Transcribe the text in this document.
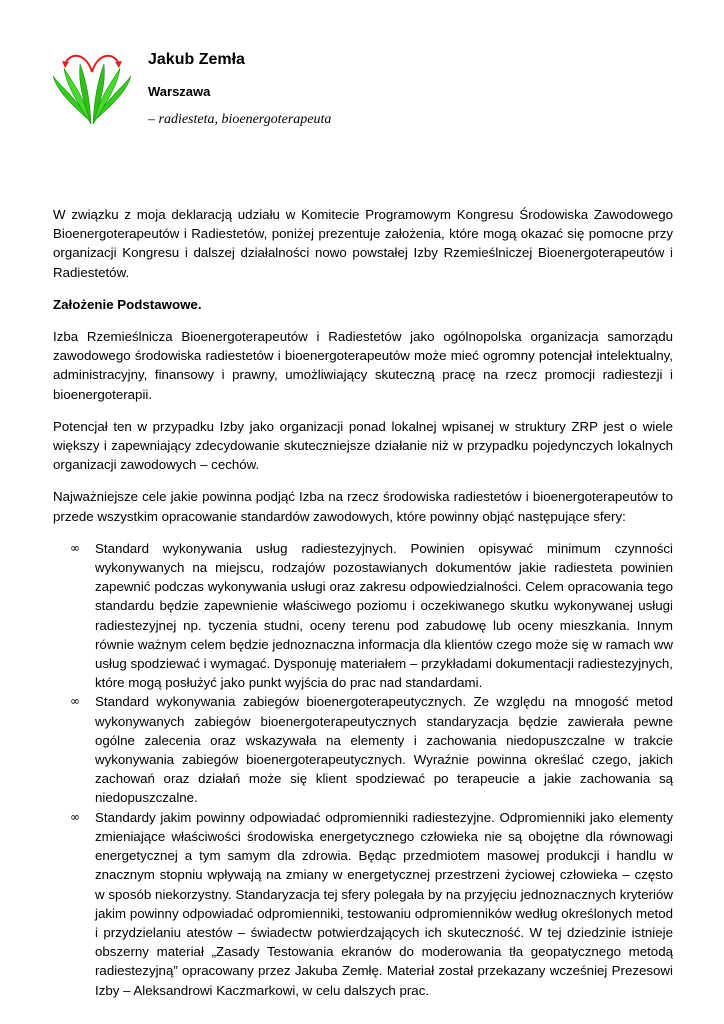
Jakub Zemła
Warszawa
– radiesteta, bioenergoterapeuta

W związku z moja deklaracją udziału w Komitecie Programowym Kongresu Środowiska Zawodowego Bioenergoterapeutów i Radiestetów, poniżej prezentuje założenia, które mogą okazać się pomocne przy organizacji Kongresu i dalszej działalności nowo powstałej Izby Rzemieślniczej Bioenergoterapeutów i Radiestetów.

Założenie Podstawowe.

Izba Rzemieślnicza Bioenergoterapeutów i Radiestetów jako ogólnopolska organizacja samorządu zawodowego środowiska radiestetów i bioenergoterapeutów może mieć ogromny potencjał intelektualny, administracyjny, finansowy i prawny, umożliwiający skuteczną pracę na rzecz promocji radiestezji i bioenergoterapii.

Potencjał ten w przypadku Izby jako organizacji ponad lokalnej wpisanej w struktury ZRP jest o wiele większy i zapewniający zdecydowanie skuteczniejsze działanie niż w przypadku pojedynczych lokalnych organizacji zawodowych – cechów.

Najważniejsze cele jakie powinna podjąć Izba na rzecz środowiska radiestetów i bioenergoterapeutów to przede wszystkim opracowanie standardów zawodowych, które powinny objąć następujące sfery:

∞ Standard wykonywania usług radiestezyjnych. Powinien opisywać minimum czynności wykonywanych na miejscu, rodzajów pozostawianych dokumentów jakie radiesteta powinien zapewnić podczas wykonywania usługi oraz zakresu odpowiedzialności. Celem opracowania tego standardu będzie zapewnienie właściwego poziomu i oczekiwanego skutku wykonywanej usługi radiestezyjnej np. tyczenia studni, oceny terenu pod zabudowę lub oceny mieszkania. Innym równie ważnym celem będzie jednoznaczna informacja dla klientów czego może się w ramach ww usług spodziewać i wymagać. Dysponuję materiałem – przykładami dokumentacji radiestezyjnych, które mogą posłużyć jako punkt wyjścia do prac nad standardami.
∞ Standard wykonywania zabiegów bioenergoterapeutycznych. Ze względu na mnogość metod wykonywanych zabiegów bioenergoterapeutycznych standaryzacja będzie zawierała pewne ogólne zalecenia oraz wskazywała na elementy i zachowania niedopuszczalne w trakcie wykonywania zabiegów bioenergoterapeutycznych. Wyraźnie powinna określać czego, jakich zachowań oraz działań może się klient spodziewać po terapeucie a jakie zachowania są niedopuszczalne.
∞ Standardy jakim powinny odpowiadać odpromienniki radiestezyjne. Odpromienniki jako elementy zmieniające właściwości środowiska energetycznego człowieka nie są obojętne dla równowagi energetycznej a tym samym dla zdrowia. Będąc przedmiotem masowej produkcji i handlu w znacznym stopniu wpływają na zmiany w energetycznej przestrzeni życiowej człowieka – często w sposób niekorzystny. Standaryzacja tej sfery polegała by na przyjęciu jednoznacznych kryteriów jakim powinny odpowiadać odpromienniki, testowaniu odpromienników według określonych metod i przydzielaniu atestów – świadectw potwierdzających ich skuteczność. W tej dziedzinie istnieje obszerny materiał „Zasady Testowania ekranów do moderowania tła geopatycznego metodą radiestezyjną” opracowany przez Jakuba Zemłę. Materiał został przekazany wcześniej Prezesowi Izby – Aleksandrowi Kaczmarkowi, w celu dalszych prac.
